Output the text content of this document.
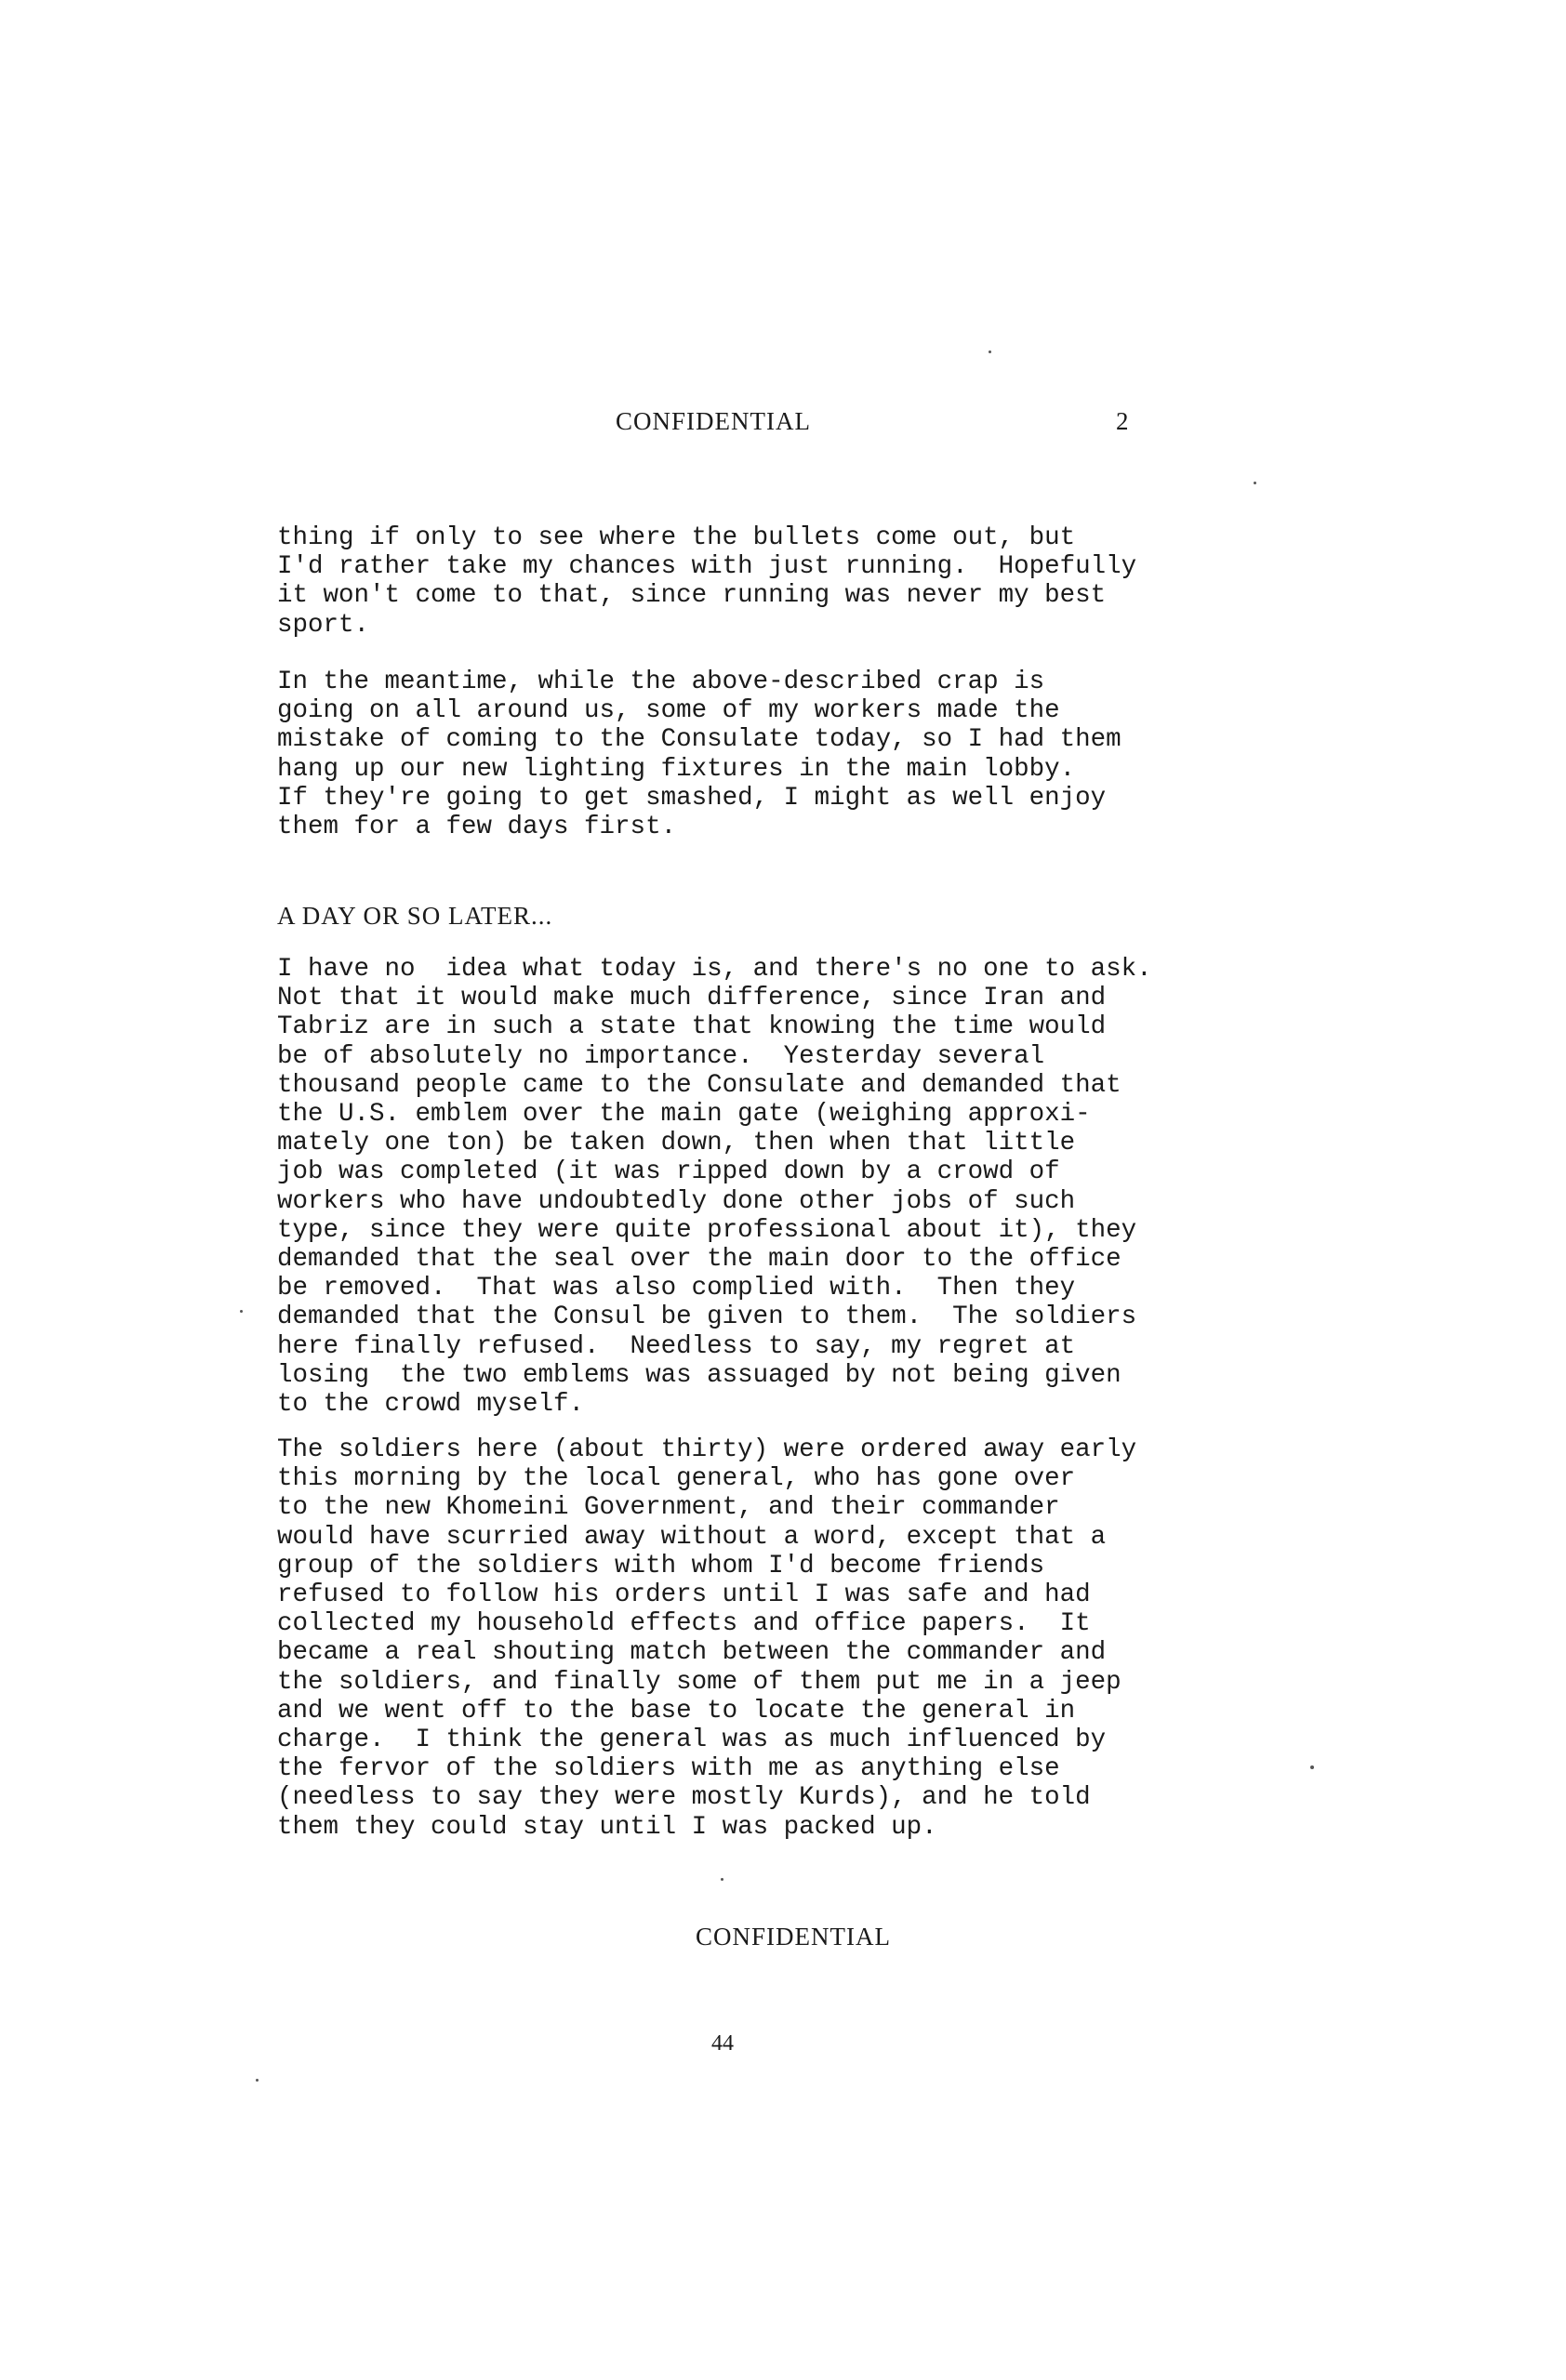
CONFIDENTIAL	2
thing if only to see where the bullets come out, but
I'd rather take my chances with just running.  Hopefully
it won't come to that, since running was never my best
sport.
In the meantime, while the above-described crap is
going on all around us, some of my workers made the
mistake of coming to the Consulate today, so I had them
hang up our new lighting fixtures in the main lobby.
If they're going to get smashed, I might as well enjoy
them for a few days first.
A DAY OR SO LATER...
I have no  idea what today is, and there's no one to ask.
Not that it would make much difference, since Iran and
Tabriz are in such a state that knowing the time would
be of absolutely no importance.  Yesterday several
thousand people came to the Consulate and demanded that
the U.S. emblem over the main gate (weighing approxi-
mately one ton) be taken down, then when that little
job was completed (it was ripped down by a crowd of
workers who have undoubtedly done other jobs of such
type, since they were quite professional about it), they
demanded that the seal over the main door to the office
be removed.  That was also complied with.  Then they
demanded that the Consul be given to them.  The soldiers
here finally refused.  Needless to say, my regret at
losing  the two emblems was assuaged by not being given
to the crowd myself.
The soldiers here (about thirty) were ordered away early
this morning by the local general, who has gone over
to the new Khomeini Government, and their commander
would have scurried away without a word, except that a
group of the soldiers with whom I'd become friends
refused to follow his orders until I was safe and had
collected my household effects and office papers.  It
became a real shouting match between the commander and
the soldiers, and finally some of them put me in a jeep
and we went off to the base to locate the general in
charge.  I think the general was as much influenced by
the fervor of the soldiers with me as anything else
(needless to say they were mostly Kurds), and he told
them they could stay until I was packed up.
CONFIDENTIAL
44
